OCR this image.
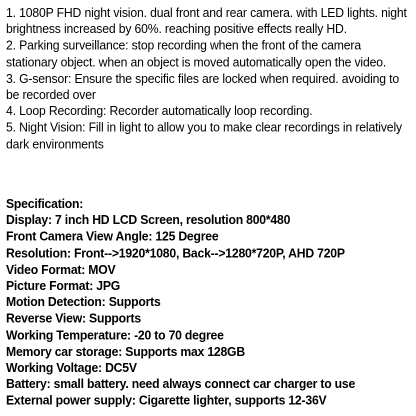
1. 1080P FHD night vision. dual front and rear camera. with LED lights. night brightness increased by 60%. reaching positive effects really HD.

2. Parking surveillance: stop recording when the front of the camera stationary object. when an object is moved automatically open the video.

3. G-sensor: Ensure the specific files are locked when required. avoiding to be recorded over

4. Loop Recording: Recorder automatically loop recording.

5. Night Vision: Fill in light to allow you to make clear recordings in relatively dark environments

Specification:

Display: 7 inch HD LCD Screen, resolution 800*480

Front Camera View Angle: 125 Degree

Resolution: Front-->1920*1080, Back-->1280*720P, AHD 720P

Video Format: MOV

Picture Format: JPG

Motion Detection: Supports

Reverse View: Supports

Working Temperature: -20 to 70 degree

Memory car storage: Supports max 128GB

Working Voltage: DC5V

Battery: small battery. need always connect car charger to use

External power supply: Cigarette lighter, supports 12-36V
